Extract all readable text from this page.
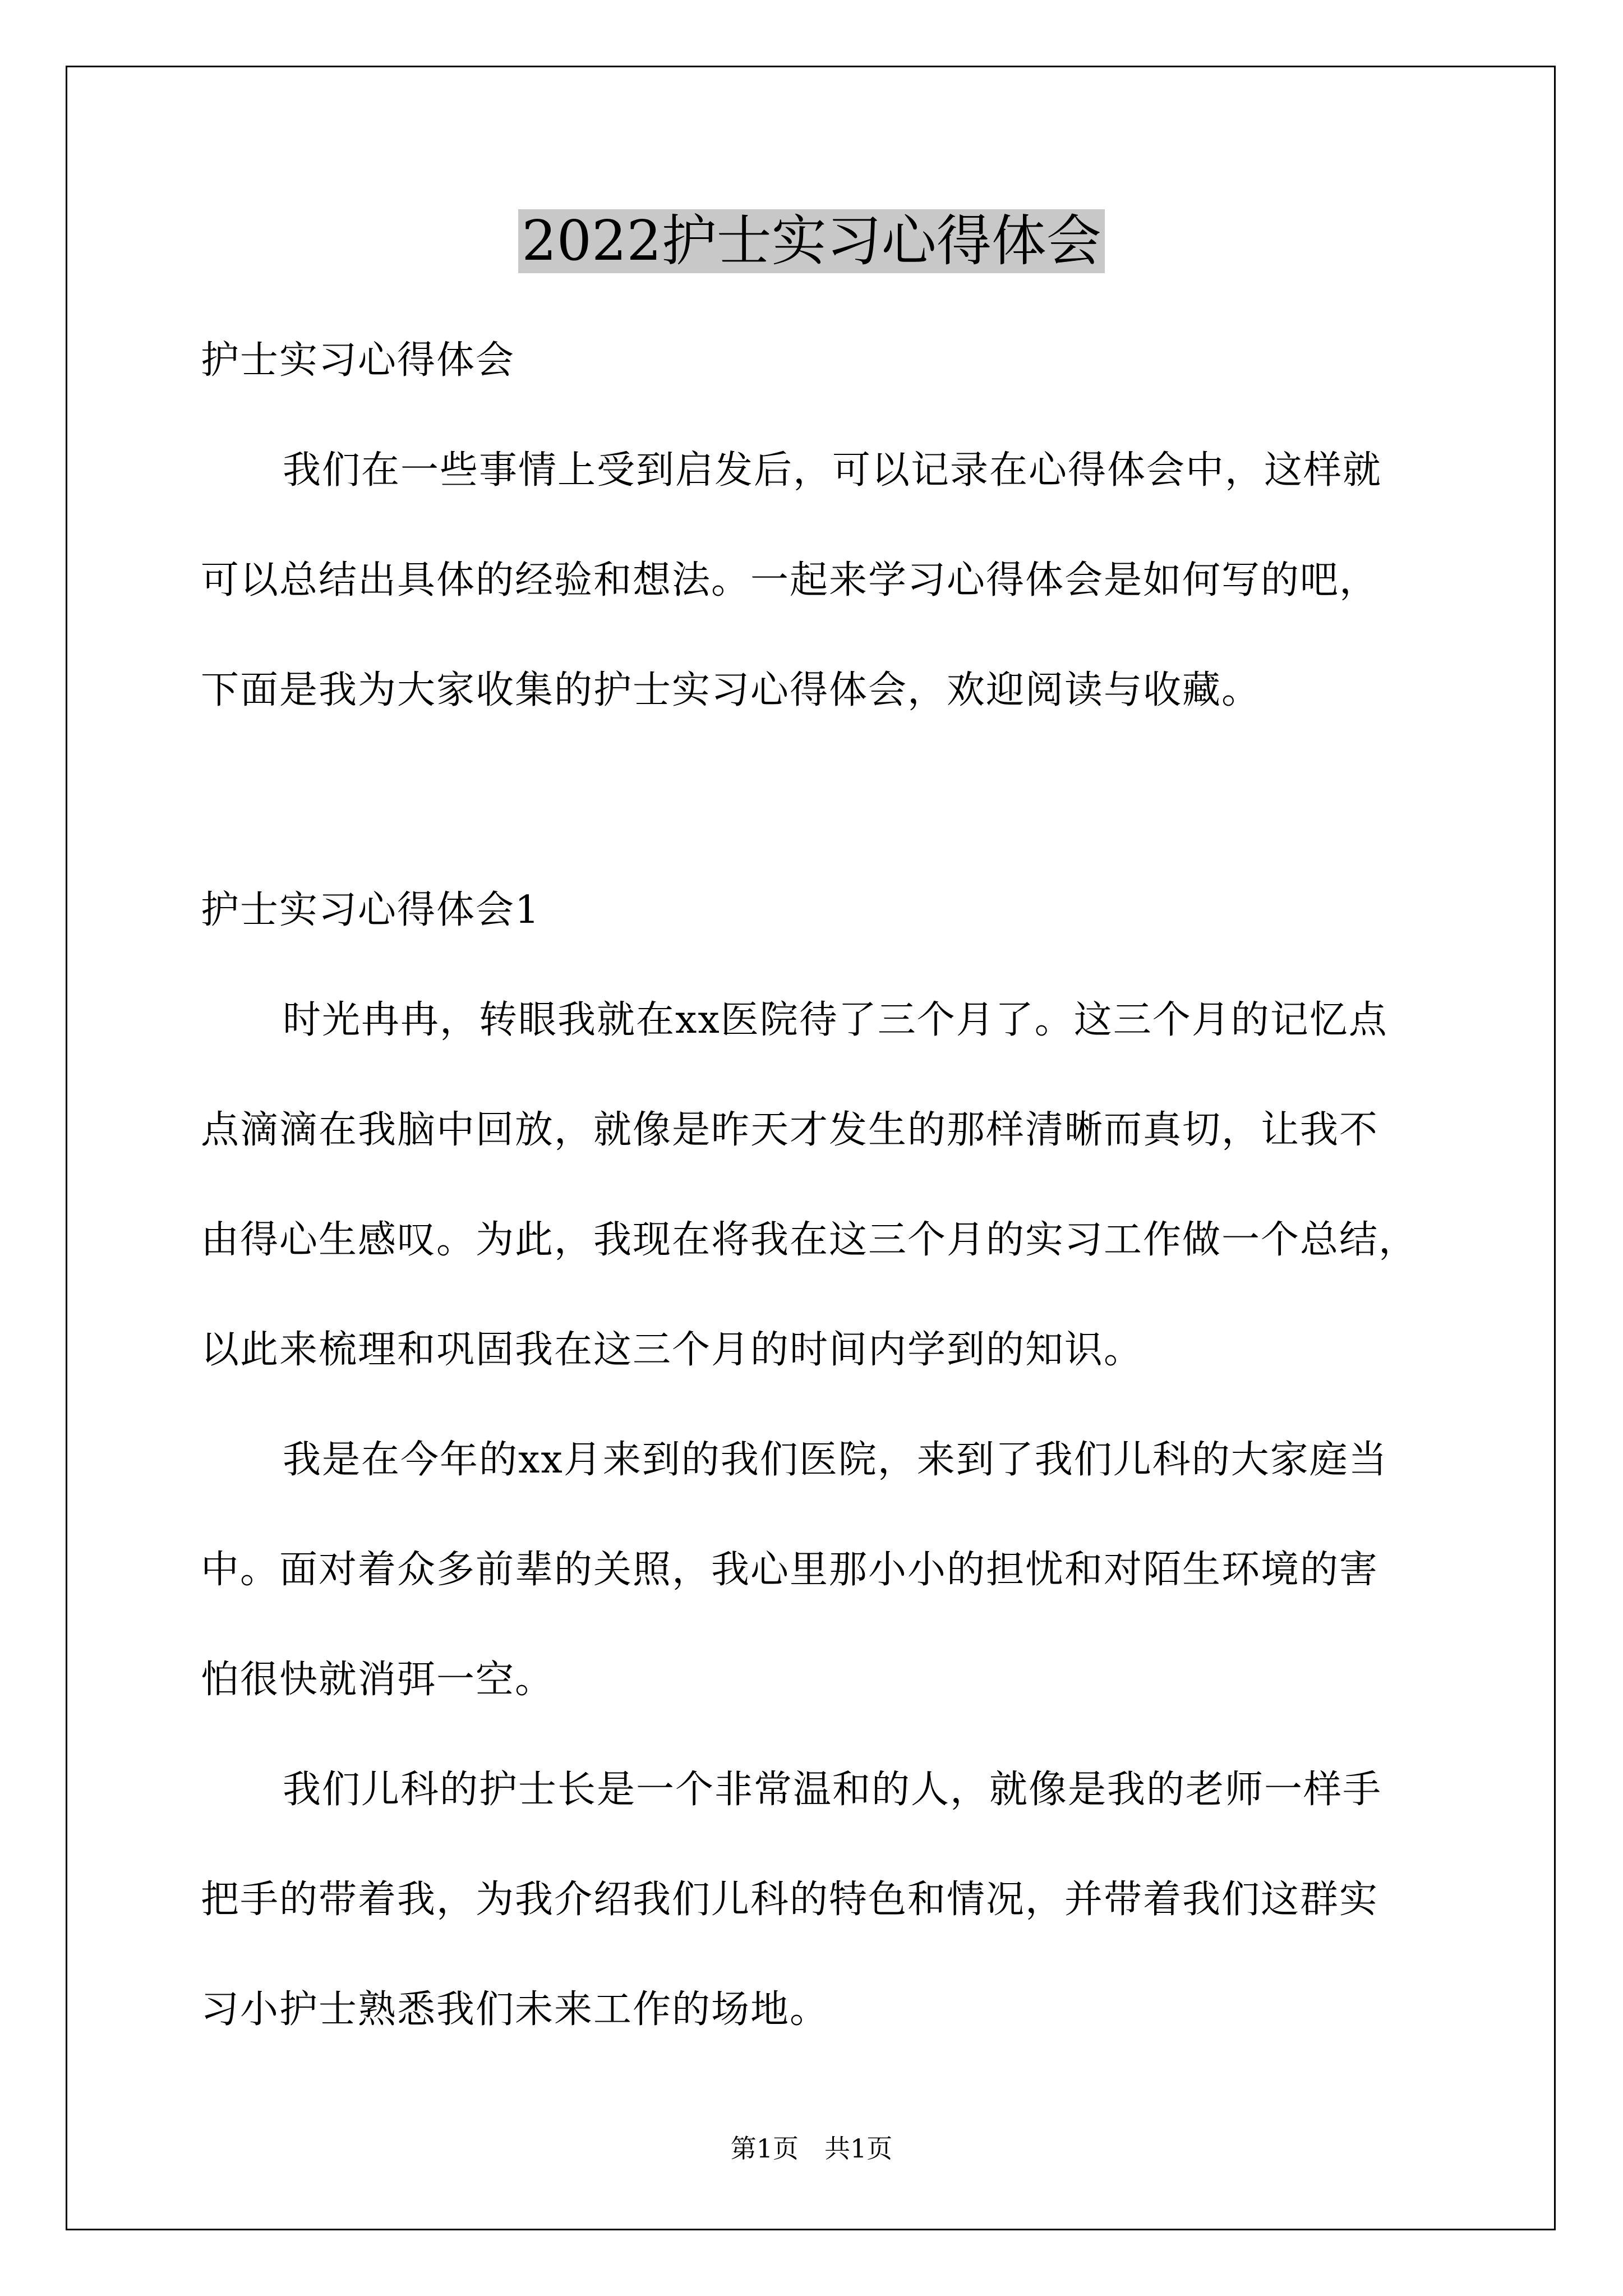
2022护士实习心得体会
护士实习心得体会
我们在一些事情上受到启发后，可以记录在心得体会中，这样就
可以总结出具体的经验和想法。一起来学习心得体会是如何写的吧，
下面是我为大家收集的护士实习心得体会，欢迎阅读与收藏。
护士实习心得体会1
时光冉冉，转眼我就在xx医院待了三个月了。这三个月的记忆点
点滴滴在我脑中回放，就像是昨天才发生的那样清晰而真切，让我不
由得心生感叹。为此，我现在将我在这三个月的实习工作做一个总结，
以此来梳理和巩固我在这三个月的时间内学到的知识。
我是在今年的xx月来到的我们医院，来到了我们儿科的大家庭当
中。面对着众多前辈的关照，我心里那小小的担忧和对陌生环境的害
怕很快就消弭一空。
我们儿科的护士长是一个非常温和的人，就像是我的老师一样手
把手的带着我，为我介绍我们儿科的特色和情况，并带着我们这群实
习小护士熟悉我们未来工作的场地。
第1页　共1页
